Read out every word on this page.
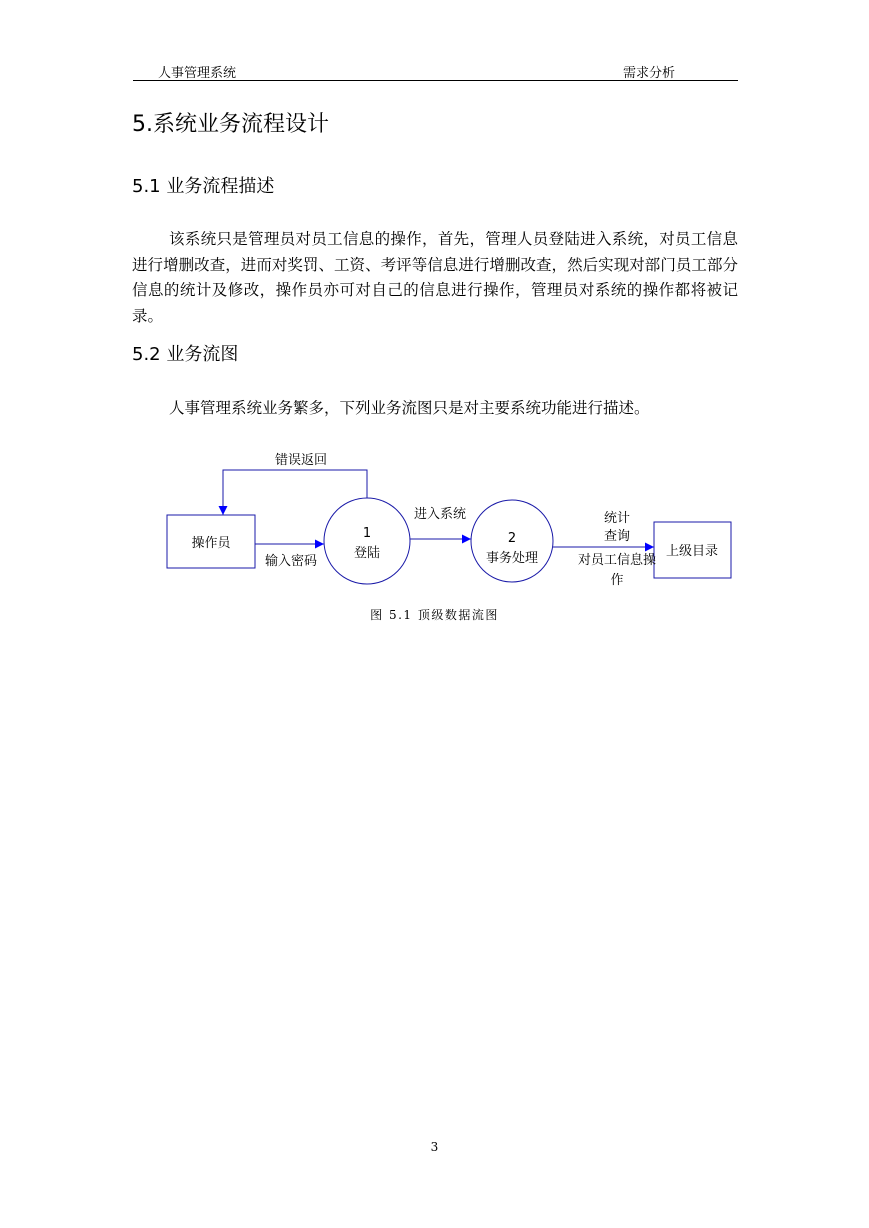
人事管理系统	需求分析
5.系统业务流程设计
5.1 业务流程描述
该系统只是管理员对员工信息的操作，首先，管理人员登陆进入系统，对员工信息进行增删改查，进而对奖罚、工资、考评等信息进行增删改查，然后实现对部门员工部分信息的统计及修改，操作员亦可对自己的信息进行操作，管理员对系统的操作都将被记录。
5.2 业务流图
人事管理系统业务繁多，下列业务流图只是对主要系统功能进行描述。
操作员
1
登陆
2
事务处理	上级目录
错误返回
输入密码
进入系统	统计
查询
对员工信息操
作
图 5.1 顶级数据流图
3
